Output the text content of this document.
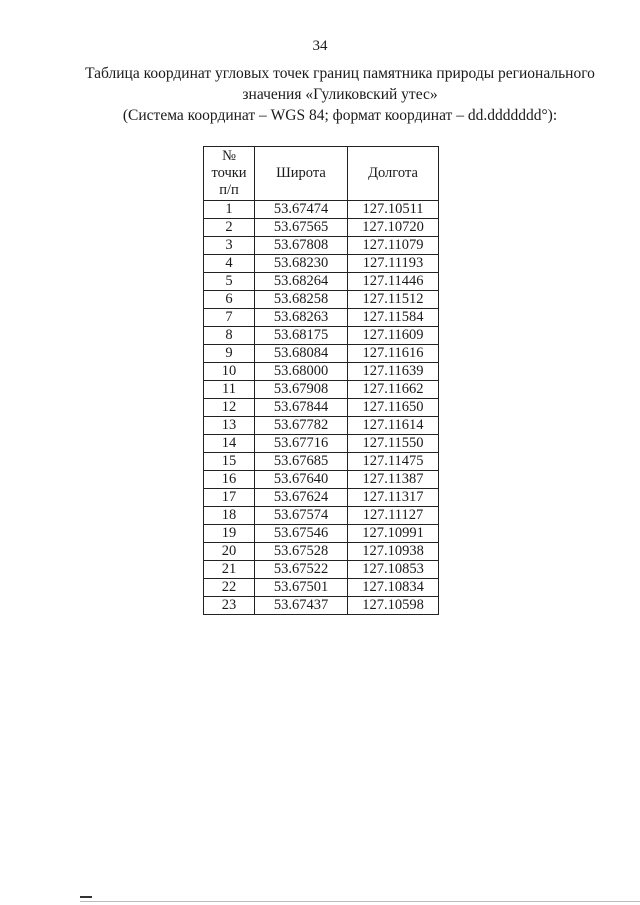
34
Таблица координат угловых точек границ памятника природы регионального
значения «Гуликовский утес»
(Система координат – WGS 84; формат координат – dd.ddddddd°):
№
точки
п/п	Широта	Долгота
1	53.67474	127.10511
2	53.67565	127.10720
3	53.67808	127.11079
4	53.68230	127.11193
5	53.68264	127.11446
6	53.68258	127.11512
7	53.68263	127.11584
8	53.68175	127.11609
9	53.68084	127.11616
10	53.68000	127.11639
11	53.67908	127.11662
12	53.67844	127.11650
13	53.67782	127.11614
14	53.67716	127.11550
15	53.67685	127.11475
16	53.67640	127.11387
17	53.67624	127.11317
18	53.67574	127.11127
19	53.67546	127.10991
20	53.67528	127.10938
21	53.67522	127.10853
22	53.67501	127.10834
23	53.67437	127.10598
